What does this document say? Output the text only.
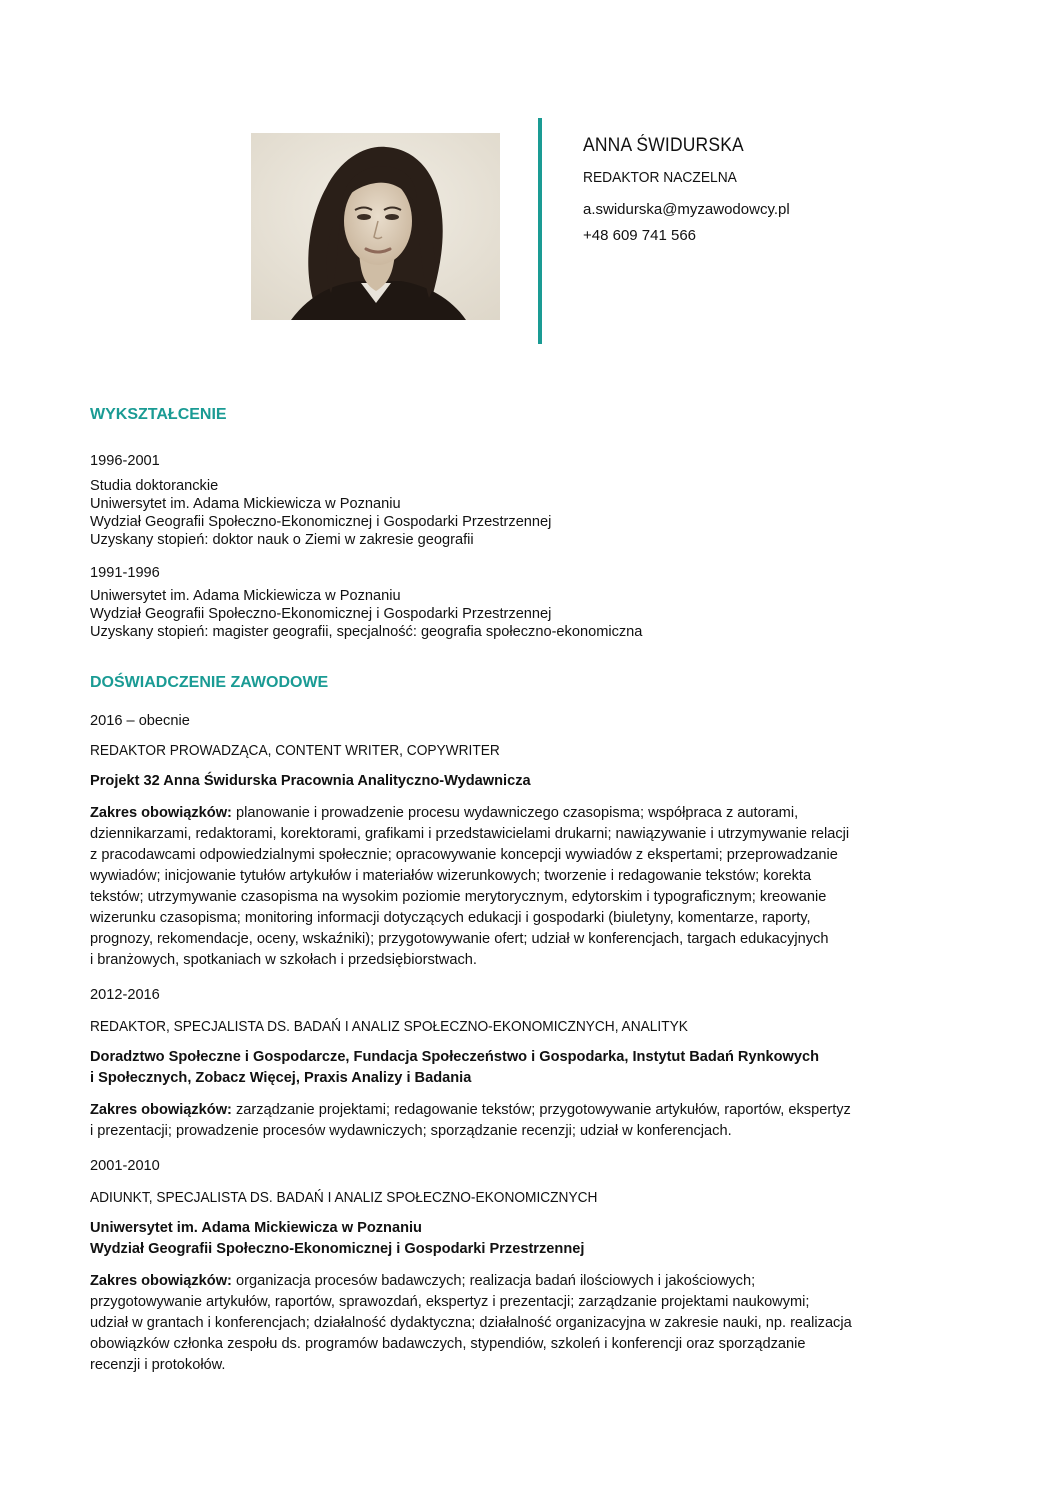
ANNA ŚWIDURSKA
REDAKTOR NACZELNA
a.swidurska@myzawodowcy.pl
+48 609 741 566
WYKSZTAŁCENIE
1996-2001
Studia doktoranckie
Uniwersytet im. Adama Mickiewicza w Poznaniu
Wydział Geografii Społeczno-Ekonomicznej i Gospodarki Przestrzennej
Uzyskany stopień: doktor nauk o Ziemi w zakresie geografii
1991-1996
Uniwersytet im. Adama Mickiewicza w Poznaniu
Wydział Geografii Społeczno-Ekonomicznej i Gospodarki Przestrzennej
Uzyskany stopień: magister geografii, specjalność: geografia społeczno-ekonomiczna
DOŚWIADCZENIE ZAWODOWE
2016 – obecnie
REDAKTOR PROWADZĄCA, CONTENT WRITER, COPYWRITER
Projekt 32 Anna Świdurska Pracownia Analityczno-Wydawnicza
Zakres obowiązków: planowanie i prowadzenie procesu wydawniczego czasopisma; współpraca z autorami,
dziennikarzami, redaktorami, korektorami, grafikami i przedstawicielami drukarni; nawiązywanie i utrzymywanie relacji
z pracodawcami odpowiedzialnymi społecznie; opracowywanie koncepcji wywiadów z ekspertami; przeprowadzanie
wywiadów; inicjowanie tytułów artykułów i materiałów wizerunkowych; tworzenie i redagowanie tekstów; korekta
tekstów; utrzymywanie czasopisma na wysokim poziomie merytorycznym, edytorskim i typograficznym; kreowanie
wizerunku czasopisma; monitoring informacji dotyczących edukacji i gospodarki (biuletyny, komentarze, raporty,
prognozy, rekomendacje, oceny, wskaźniki); przygotowywanie ofert; udział w konferencjach, targach edukacyjnych
i branżowych, spotkaniach w szkołach i przedsiębiorstwach.
2012-2016
REDAKTOR, SPECJALISTA DS. BADAŃ I ANALIZ SPOŁECZNO-EKONOMICZNYCH, ANALITYK
Doradztwo Społeczne i Gospodarcze, Fundacja Społeczeństwo i Gospodarka, Instytut Badań Rynkowych
i Społecznych, Zobacz Więcej, Praxis Analizy i Badania
Zakres obowiązków: zarządzanie projektami; redagowanie tekstów; przygotowywanie artykułów, raportów, ekspertyz
i prezentacji; prowadzenie procesów wydawniczych; sporządzanie recenzji; udział w konferencjach.
2001-2010
ADIUNKT, SPECJALISTA DS. BADAŃ I ANALIZ SPOŁECZNO-EKONOMICZNYCH
Uniwersytet im. Adama Mickiewicza w Poznaniu
Wydział Geografii Społeczno-Ekonomicznej i Gospodarki Przestrzennej
Zakres obowiązków: organizacja procesów badawczych; realizacja badań ilościowych i jakościowych;
przygotowywanie artykułów, raportów, sprawozdań, ekspertyz i prezentacji; zarządzanie projektami naukowymi;
udział w grantach i konferencjach; działalność dydaktyczna; działalność organizacyjna w zakresie nauki, np. realizacja
obowiązków członka zespołu ds. programów badawczych, stypendiów, szkoleń i konferencji oraz sporządzanie
recenzji i protokołów.
